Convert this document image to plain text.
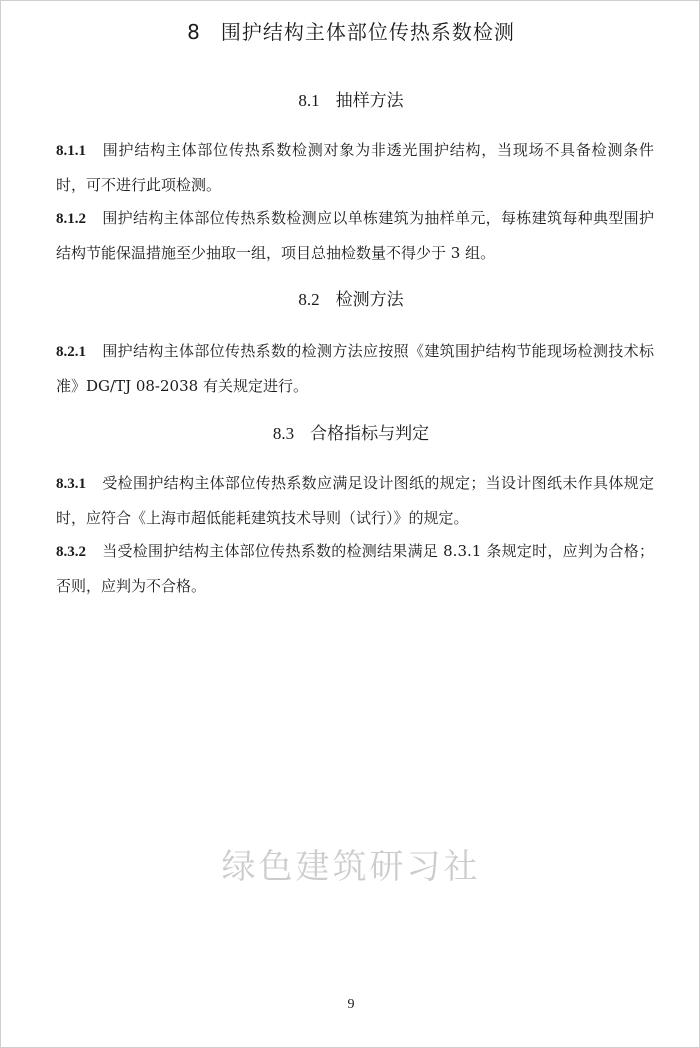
8 围护结构主体部位传热系数检测
8.1 抽样方法
8.1.1 围护结构主体部位传热系数检测对象为非透光围护结构，当现场不具备检测条件时，可不进行此项检测。
8.1.2 围护结构主体部位传热系数检测应以单栋建筑为抽样单元，每栋建筑每种典型围护结构节能保温措施至少抽取一组，项目总抽检数量不得少于 3 组。
8.2 检测方法
8.2.1 围护结构主体部位传热系数的检测方法应按照《建筑围护结构节能现场检测技术标准》DG/TJ 08-2038 有关规定进行。
8.3 合格指标与判定
8.3.1 受检围护结构主体部位传热系数应满足设计图纸的规定；当设计图纸未作具体规定时，应符合《上海市超低能耗建筑技术导则（试行）》的规定。
8.3.2 当受检围护结构主体部位传热系数的检测结果满足 8.3.1 条规定时，应判为合格；否则，应判为不合格。
绿色建筑研习社
9
